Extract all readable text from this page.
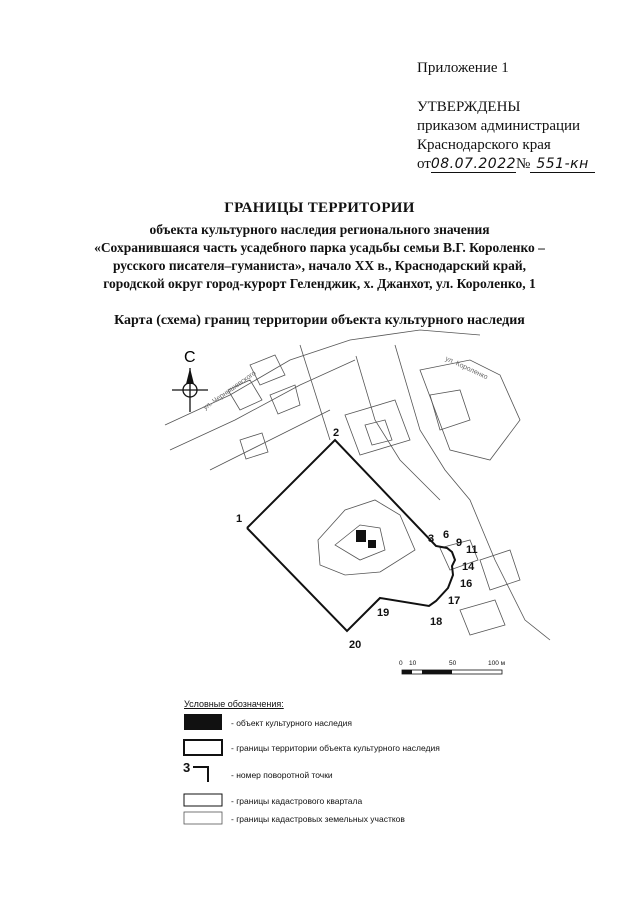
Приложение 1
УТВЕРЖДЕНЫ
приказом администрации
Краснодарского края
от08.07.2022№ 551-кн
ГРАНИЦЫ ТЕРРИТОРИИ
объекта культурного наследия регионального значения
«Сохранившаяся часть усадебного парка усадьбы семьи В.Г. Короленко –
русского писателя–гуманиста», начало XX в., Краснодарский край,
городской округ город-курорт Геленджик, х. Джанхот, ул. Короленко, 1
Карта (схема) границ территории объекта культурного наследия
С
ул. Чернышевского
ул. Короленко
1
2
3 6
9
11
14
16
17
18
19
20
0 10	50	100 м
3
Условные обозначения:
- объект культурного наследия
- границы территории объекта культурного наследия
- номер поворотной точки
- границы кадастрового квартала
- границы кадастровых земельных участков
